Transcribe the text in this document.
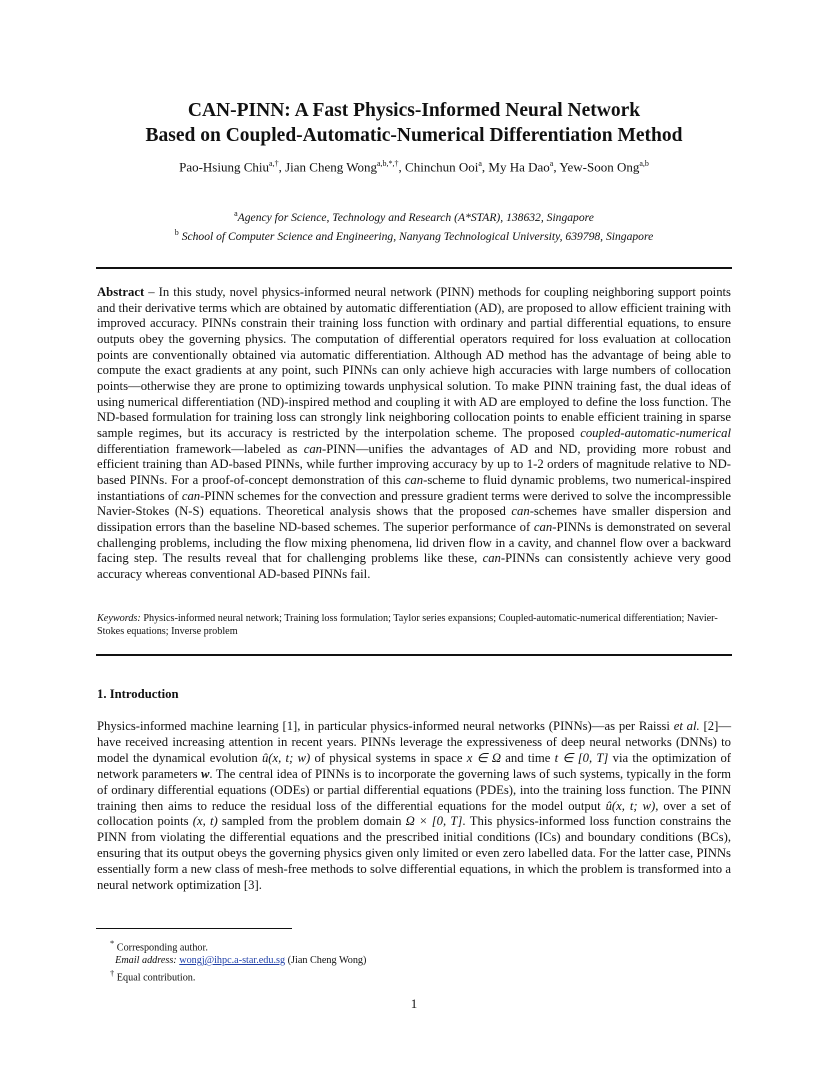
CAN-PINN: A Fast Physics-Informed Neural Network
Based on Coupled-Automatic-Numerical Differentiation Method
Pao-Hsiung Chiu$^{a,\dagger}$, Jian Cheng Wong$^{a,b,*,\dagger}$, Chinchun Ooi$^a$, My Ha Dao$^a$, Yew-Soon Ong$^{a,b}$
$^a$Agency for Science, Technology and Research (A*STAR), 138632, Singapore
$^b$ School of Computer Science and Engineering, Nanyang Technological University, 639798, Singapore
Abstract – In this study, novel physics-informed neural network (PINN) methods for coupling neighboring support points and their derivative terms which are obtained by automatic differentiation (AD), are proposed to allow efficient training with improved accuracy. PINNs constrain their training loss function with ordinary and partial differential equations, to ensure outputs obey the governing physics. The computation of differential operators required for loss evaluation at collocation points are conventionally obtained via automatic differentiation. Although AD method has the advantage of being able to compute the exact gradients at any point, such PINNs can only achieve high accuracies with large numbers of collocation points—otherwise they are prone to optimizing towards unphysical solution. To make PINN training fast, the dual ideas of using numerical differentiation (ND)-inspired method and coupling it with AD are employed to define the loss function. The ND-based formulation for training loss can strongly link neighboring collocation points to enable efficient training in sparse sample regimes, but its accuracy is restricted by the interpolation scheme. The proposed coupled-automatic-numerical differentiation framework—labeled as can-PINN—unifies the advantages of AD and ND, providing more robust and efficient training than AD-based PINNs, while further improving accuracy by up to 1-2 orders of magnitude relative to ND-based PINNs. For a proof-of-concept demonstration of this can-scheme to fluid dynamic problems, two numerical-inspired instantiations of can-PINN schemes for the convection and pressure gradient terms were derived to solve the incompressible Navier-Stokes (N-S) equations. Theoretical analysis shows that the proposed can-schemes have smaller dispersion and dissipation errors than the baseline ND-based schemes. The superior performance of can-PINNs is demonstrated on several challenging problems, including the flow mixing phenomena, lid driven flow in a cavity, and channel flow over a backward facing step. The results reveal that for challenging problems like these, can-PINNs can consistently achieve very good accuracy whereas conventional AD-based PINNs fail.
Keywords: Physics-informed neural network; Training loss formulation; Taylor series expansions; Coupled-automatic-numerical differentiation; Navier-Stokes equations; Inverse problem
1. Introduction
Physics-informed machine learning [1], in particular physics-informed neural networks (PINNs)—as per Raissi et al. [2]— have received increasing attention in recent years. PINNs leverage the expressiveness of deep neural networks (DNNs) to model the dynamical evolution û(x, t; w) of physical systems in space x ∈ Ω and time t ∈ [0, T] via the optimization of network parameters w. The central idea of PINNs is to incorporate the governing laws of such systems, typically in the form of ordinary differential equations (ODEs) or partial differential equations (PDEs), into the training loss function. The PINN training then aims to reduce the residual loss of the differential equations for the model output û(x, t; w), over a set of collocation points (x, t) sampled from the problem domain Ω × [0, T]. This physics-informed loss function constrains the PINN from violating the differential equations and the prescribed initial conditions (ICs) and boundary conditions (BCs), ensuring that its output obeys the governing physics given only limited or even zero labelled data. For the latter case, PINNs essentially form a new class of mesh-free methods to solve differential equations, in which the problem is transformed into a neural network optimization [3].
* Corresponding author.
Email address: wongj@ihpc.a-star.edu.sg (Jian Cheng Wong)
† Equal contribution.
1
